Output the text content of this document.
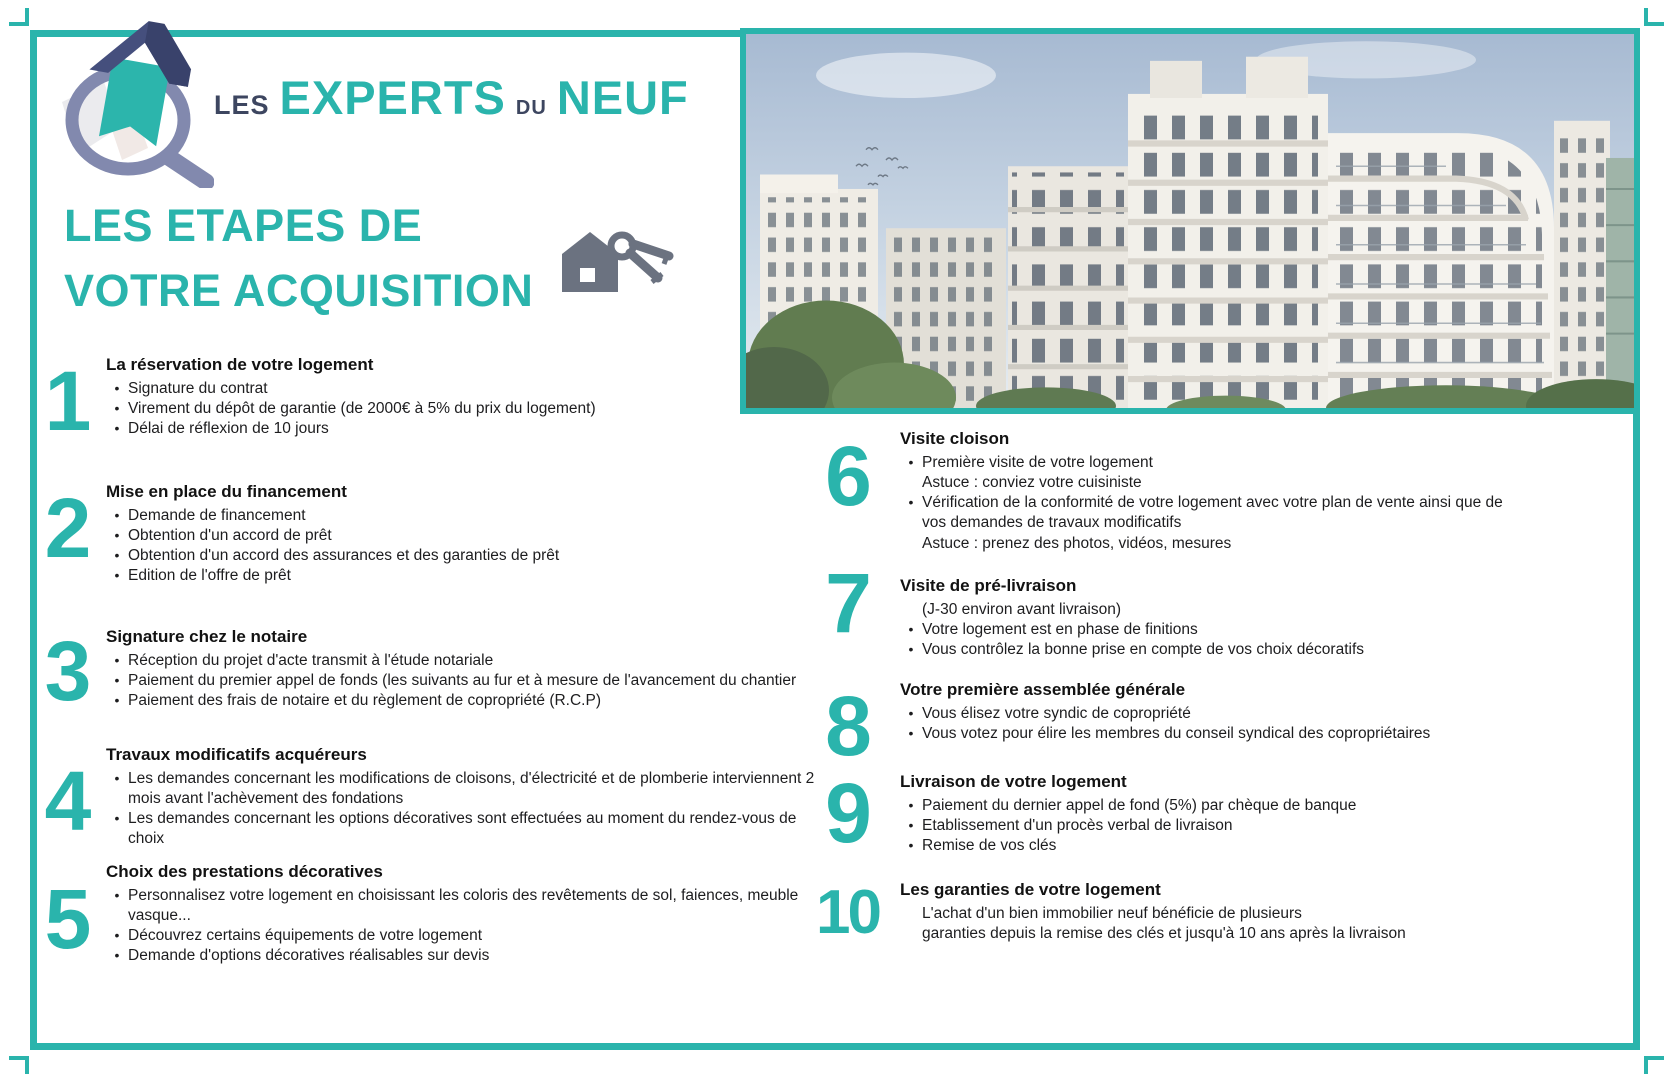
LES EXPERTS DU NEUF
LES ETAPES DE
VOTRE ACQUISITION
1 La réservation de votre logement
• Signature du contrat
• Virement du dépôt de garantie (de 2000€ à 5% du prix du logement)
• Délai de réflexion de 10 jours
2 Mise en place du financement
• Demande de financement
• Obtention d'un accord de prêt
• Obtention d'un accord des assurances et des garanties de prêt
• Edition de l'offre de prêt
3 Signature chez le notaire
• Réception du projet d'acte transmit à l'étude notariale
• Paiement du premier appel de fonds (les suivants au fur et à mesure de l'avancement du chantier
• Paiement des frais de notaire et du règlement de copropriété (R.C.P)
4 Travaux modificatifs acquéreurs
• Les demandes concernant les modifications de cloisons, d'électricité et de plomberie interviennent 2 mois avant l'achèvement des fondations
• Les demandes concernant les options décoratives sont effectuées au moment du rendez-vous de choix
5
Choix des prestations décoratives
• Personnalisez votre logement en choisissant les coloris des revêtements de sol, faiences, meuble vasque...
• Découvrez certains équipements de votre logement
• Demande d'options décoratives réalisables sur devis
6	Visite cloison
• Première visite de votre logement
Astuce : conviez votre cuisiniste
• Vérification de la conformité de votre logement avec votre plan de vente ainsi que de vos demandes de travaux modificatifs
Astuce : prenez des photos, vidéos, mesures
7	Visite de pré-livraison
(J-30 environ avant livraison)
• Votre logement est en phase de finitions
• Vous contrôlez la bonne prise en compte de vos choix décoratifs
8	Votre première assemblée générale
• Vous élisez votre syndic de copropriété
• Vous votez pour élire les membres du conseil syndical des copropriétaires
9	Livraison de votre logement
• Paiement du dernier appel de fond (5%) par chèque de banque
• Etablissement d'un procès verbal de livraison
• Remise de vos clés
10	Les garanties de votre logement
L'achat d'un bien immobilier neuf bénéficie de plusieurs
garanties depuis la remise des clés et jusqu'à 10 ans après la livraison
